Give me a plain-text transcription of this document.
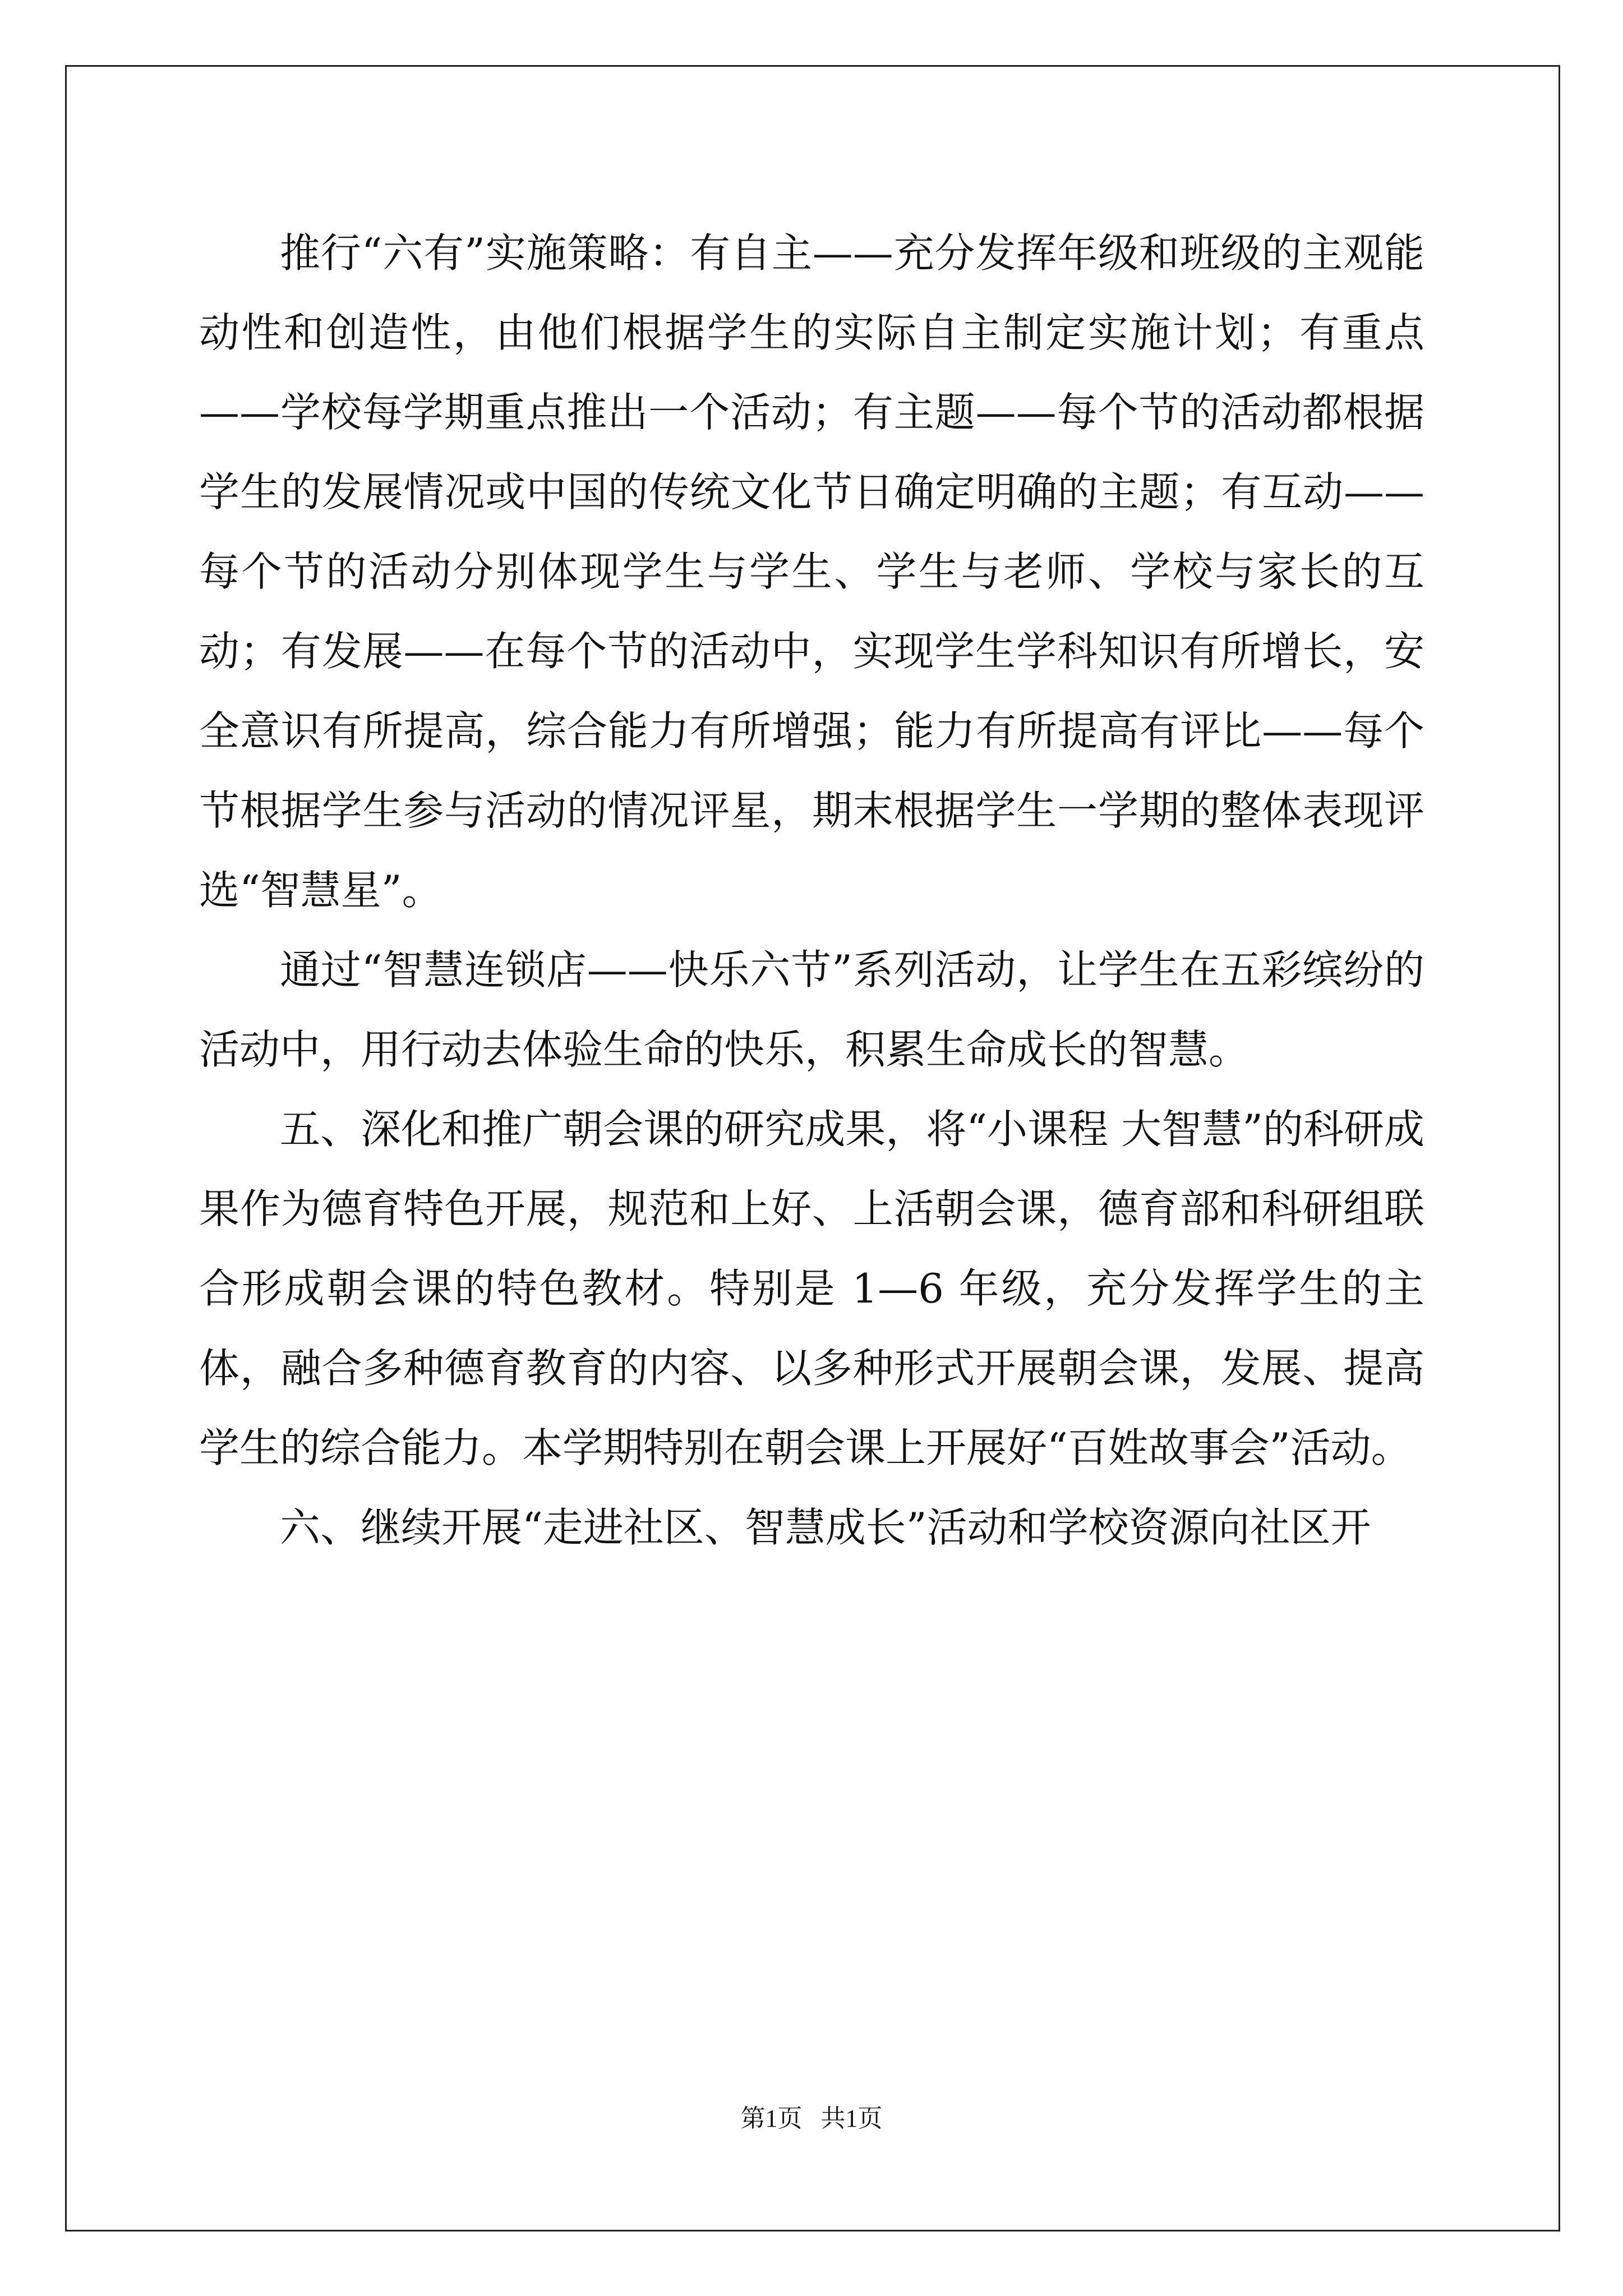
推行“六有”实施策略：有自主——充分发挥年级和班级的主观能动性和创造性，由他们根据学生的实际自主制定实施计划；有重点——学校每学期重点推出一个活动；有主题——每个节的活动都根据学生的发展情况或中国的传统文化节日确定明确的主题；有互动——每个节的活动分别体现学生与学生、学生与老师、学校与家长的互动；有发展——在每个节的活动中，实现学生学科知识有所增长，安全意识有所提高，综合能力有所增强；能力有所提高有评比——每个节根据学生参与活动的情况评星，期末根据学生一学期的整体表现评选“智慧星”。

通过“智慧连锁店——快乐六节”系列活动，让学生在五彩缤纷的活动中，用行动去体验生命的快乐，积累生命成长的智慧。

五、深化和推广朝会课的研究成果，将“小课程 大智慧”的科研成果作为德育特色开展，规范和上好、上活朝会课，德育部和科研组联合形成朝会课的特色教材。特别是 1—6 年级，充分发挥学生的主体，融合多种德育教育的内容、以多种形式开展朝会课，发展、提高学生的综合能力。本学期特别在朝会课上开展好“百姓故事会”活动。

六、继续开展“走进社区、智慧成长”活动和学校资源向社区开

第1页 共1页
